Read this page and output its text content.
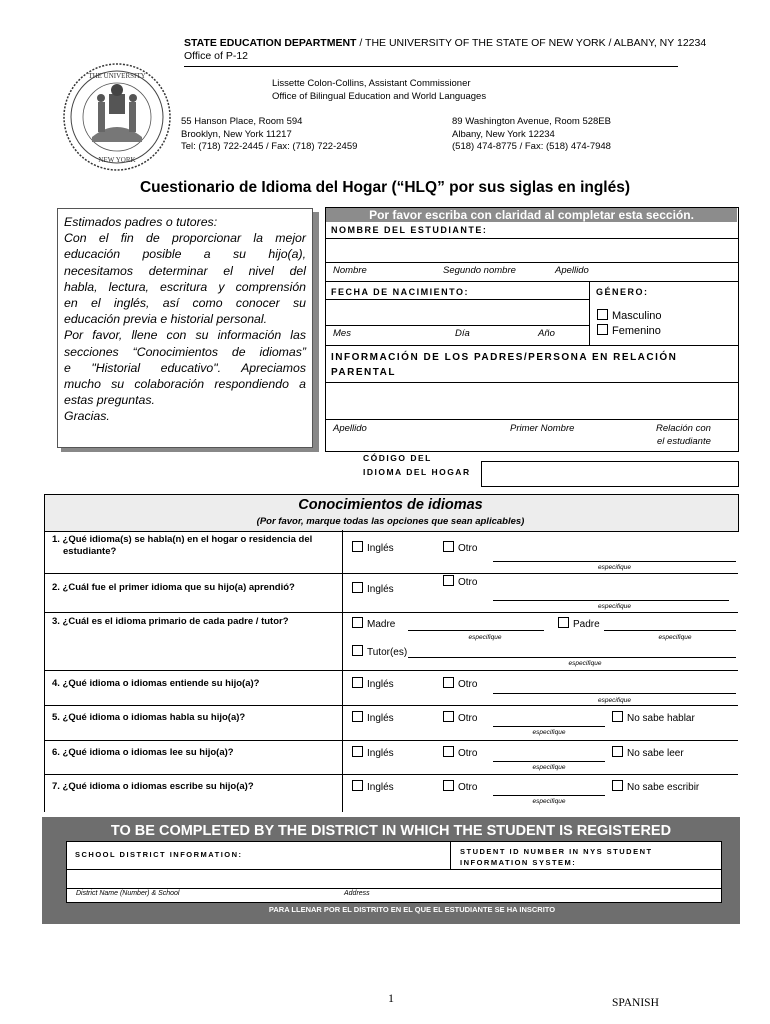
THE UNIVERSITY
NEW YORK
STATE EDUCATION DEPARTMENT / THE UNIVERSITY OF THE STATE OF NEW YORK / ALBANY, NY 12234
Office of P-12
Lissette Colon-Collins, Assistant Commissioner
Office of Bilingual Education and World Languages
55 Hanson Place, Room 594
Brooklyn, New York 11217
Tel: (718) 722-2445 / Fax: (718) 722-2459
89 Washington Avenue, Room 528EB
Albany, New York 12234
(518) 474-8775 / Fax: (518) 474-7948
Cuestionario de Idioma del Hogar (“HLQ” por sus siglas en inglés)
Estimados padres o tutores:
Con el fin de proporcionar la mejor
educación posible a su hijo(a),
necesitamos determinar el nivel del
habla, lectura, escritura y comprensión
en el inglés, así como conocer su
educación previa e historial personal.
Por favor, llene con su información las
secciones “Conocimientos de idiomas”
e "Historial educativo". Apreciamos
mucho su colaboración respondiendo a
estas preguntas.
Gracias.
Por favor escriba con claridad al completar esta sección.
NOMBRE DEL ESTUDIANTE:
Nombre	Segundo nombre	Apellido
FECHA DE NACIMIENTO:	GÉNERO:
Masculino
Femenino
Mes	Día	Año
INFORMACIÓN DE LOS PADRES/PERSONA EN RELACIÓN
PARENTAL
Apellido	Primer Nombre	Relación con
el estudiante
CÓDIGO DEL
IDIOMA DEL HOGAR
Conocimientos de idiomas
(Por favor, marque todas las opciones que sean aplicables)
1. ¿Qué idioma(s) se habla(n) en el hogar o residencia del
estudiante?	Inglés	Otro
especifique
2. ¿Cuál fue el primer idioma que su hijo(a) aprendió?	Inglés
Otro
especifique
3. ¿Cuál es el idioma primario de cada padre / tutor?	Madre
especifique
Padre
especifique
Tutor(es)
especifique
4. ¿Qué idioma o idiomas entiende su hijo(a)?	Inglés	Otro
especifique
5. ¿Qué idioma o idiomas habla su hijo(a)?	Inglés	Otro
especifique
No sabe hablar
6. ¿Qué idioma o idiomas lee su hijo(a)?	Inglés	Otro
especifique
No sabe leer
7. ¿Qué idioma o idiomas escribe su hijo(a)?	Inglés	Otro
especifique
No sabe escribir
TO BE COMPLETED BY THE DISTRICT IN WHICH THE STUDENT IS REGISTERED
SCHOOL DISTRICT INFORMATION:	STUDENT ID NUMBER IN NYS STUDENT
INFORMATION SYSTEM:
District Name (Number) & School	Address
PARA LLENAR POR EL DISTRITO EN EL QUE EL ESTUDIANTE SE HA INSCRITO
1	SPANISH
